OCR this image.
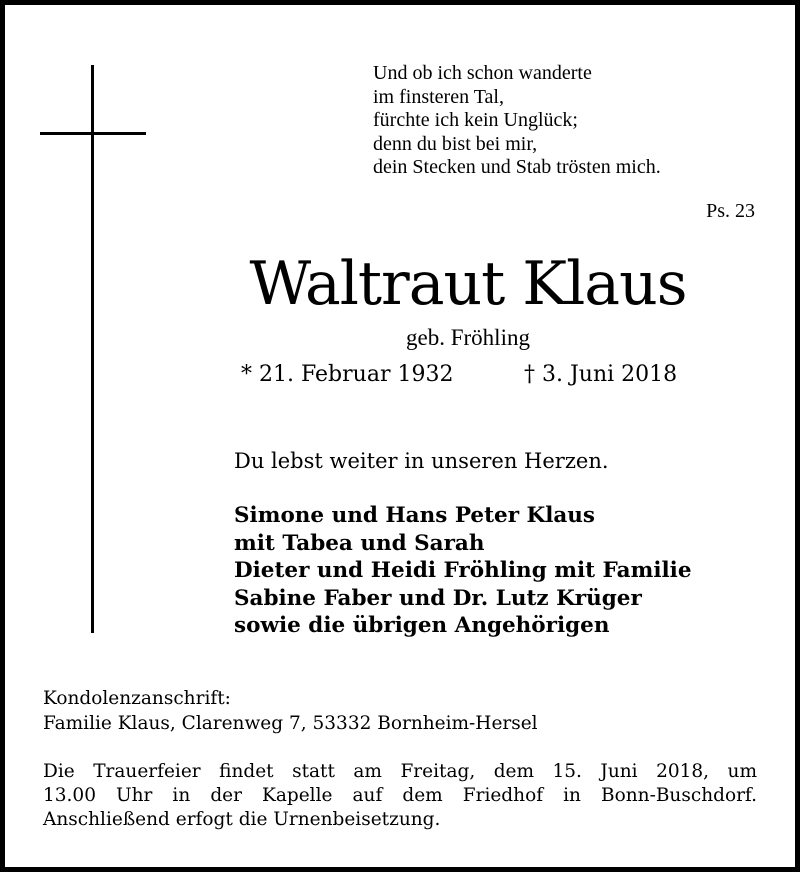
Und ob ich schon wanderte
im finsteren Tal,
fürchte ich kein Unglück;
denn du bist bei mir,
dein Stecken und Stab trösten mich.
Ps. 23
Waltraut Klaus
geb. Fröhling
* 21. Februar 1932	† 3. Juni 2018
Du lebst weiter in unseren Herzen.
Simone und Hans Peter Klaus
mit Tabea und Sarah
Dieter und Heidi Fröhling mit Familie
Sabine Faber und Dr. Lutz Krüger
sowie die übrigen Angehörigen
Kondolenzanschrift:
Familie Klaus, Clarenweg 7, 53332 Bornheim-Hersel
Die Trauerfeier findet statt am Freitag, dem 15. Juni 2018, um
13.00 Uhr in der Kapelle auf dem Friedhof in Bonn-Buschdorf.
Anschließend erfogt die Urnenbeisetzung.
